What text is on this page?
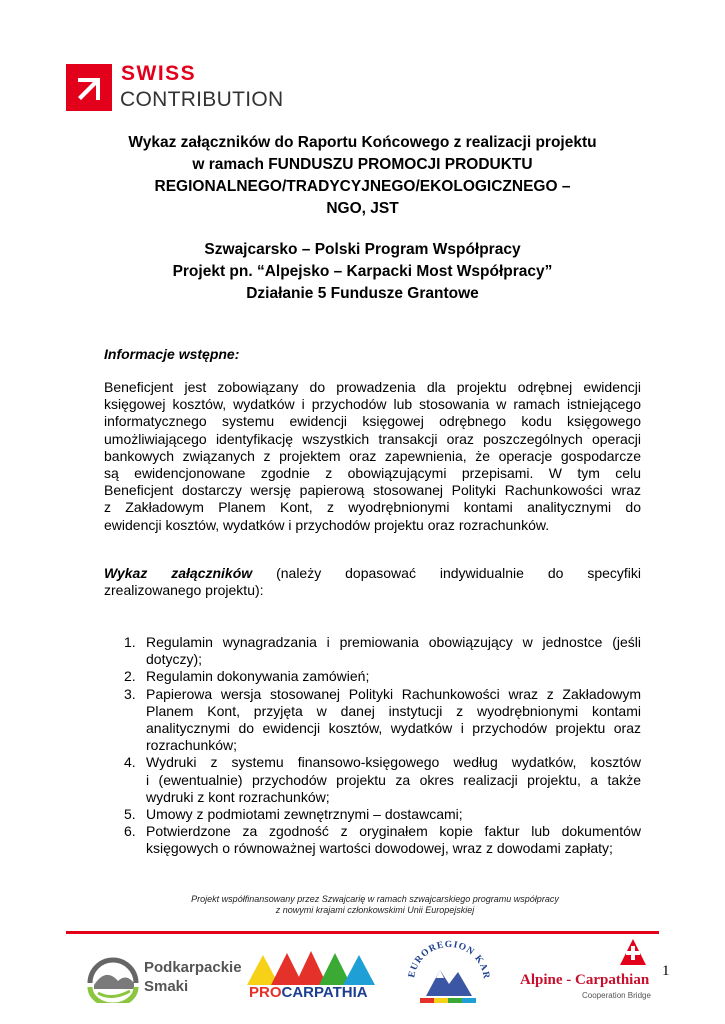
SWISS
CONTRIBUTION
Wykaz załączników do Raportu Końcowego z realizacji projektu
w ramach FUNDUSZU PROMOCJI PRODUKTU
REGIONALNEGO/TRADYCYJNEGO/EKOLOGICZNEGO –
NGO, JST
Szwajcarsko – Polski Program Współpracy
Projekt pn. “Alpejsko – Karpacki Most Współpracy”
Działanie 5 Fundusze Grantowe
Informacje wstępne:
Beneficjent jest zobowiązany do prowadzenia dla projektu odrębnej ewidencji
księgowej kosztów, wydatków i przychodów lub stosowania w ramach istniejącego
informatycznego systemu ewidencji księgowej odrębnego kodu księgowego
umożliwiającego identyfikację wszystkich transakcji oraz poszczególnych operacji
bankowych związanych z projektem oraz zapewnienia, że operacje gospodarcze
są ewidencjonowane zgodnie z obowiązującymi przepisami. W tym celu
Beneficjent dostarczy wersję papierową stosowanej Polityki Rachunkowości wraz
z Zakładowym Planem Kont, z wyodrębnionymi kontami analitycznymi do
ewidencji kosztów, wydatków i przychodów projektu oraz rozrachunków.
Wykaz załączników (należy dopasować indywidualnie do specyfiki
zrealizowanego projektu):
1. Regulamin wynagradzania i premiowania obowiązujący w jednostce (jeśli
dotyczy);
2. Regulamin dokonywania zamówień;
3. Papierowa wersja stosowanej Polityki Rachunkowości wraz z Zakładowym
Planem Kont, przyjęta w danej instytucji z wyodrębnionymi kontami
analitycznymi do ewidencji kosztów, wydatków i przychodów projektu oraz
rozrachunków;
4. Wydruki z systemu finansowo-księgowego według wydatków, kosztów
i (ewentualnie) przychodów projektu za okres realizacji projektu, a także
wydruki z kont rozrachunków;
5. Umowy z podmiotami zewnętrznymi – dostawcami;
6. Potwierdzone za zgodność z oryginałem kopie faktur lub dokumentów
księgowych o równoważnej wartości dowodowej, wraz z dowodami zapłaty;
Projekt współfinansowany przez Szwajcarię w ramach szwajcarskiego programu współpracy
z nowymi krajami członkowskimi Unii Europejskiej
Podkarpackie
Smaki	PROCARPATHIA
EUROREGION KAR Alpine - Carpathian
Cooperation Bridge
1
